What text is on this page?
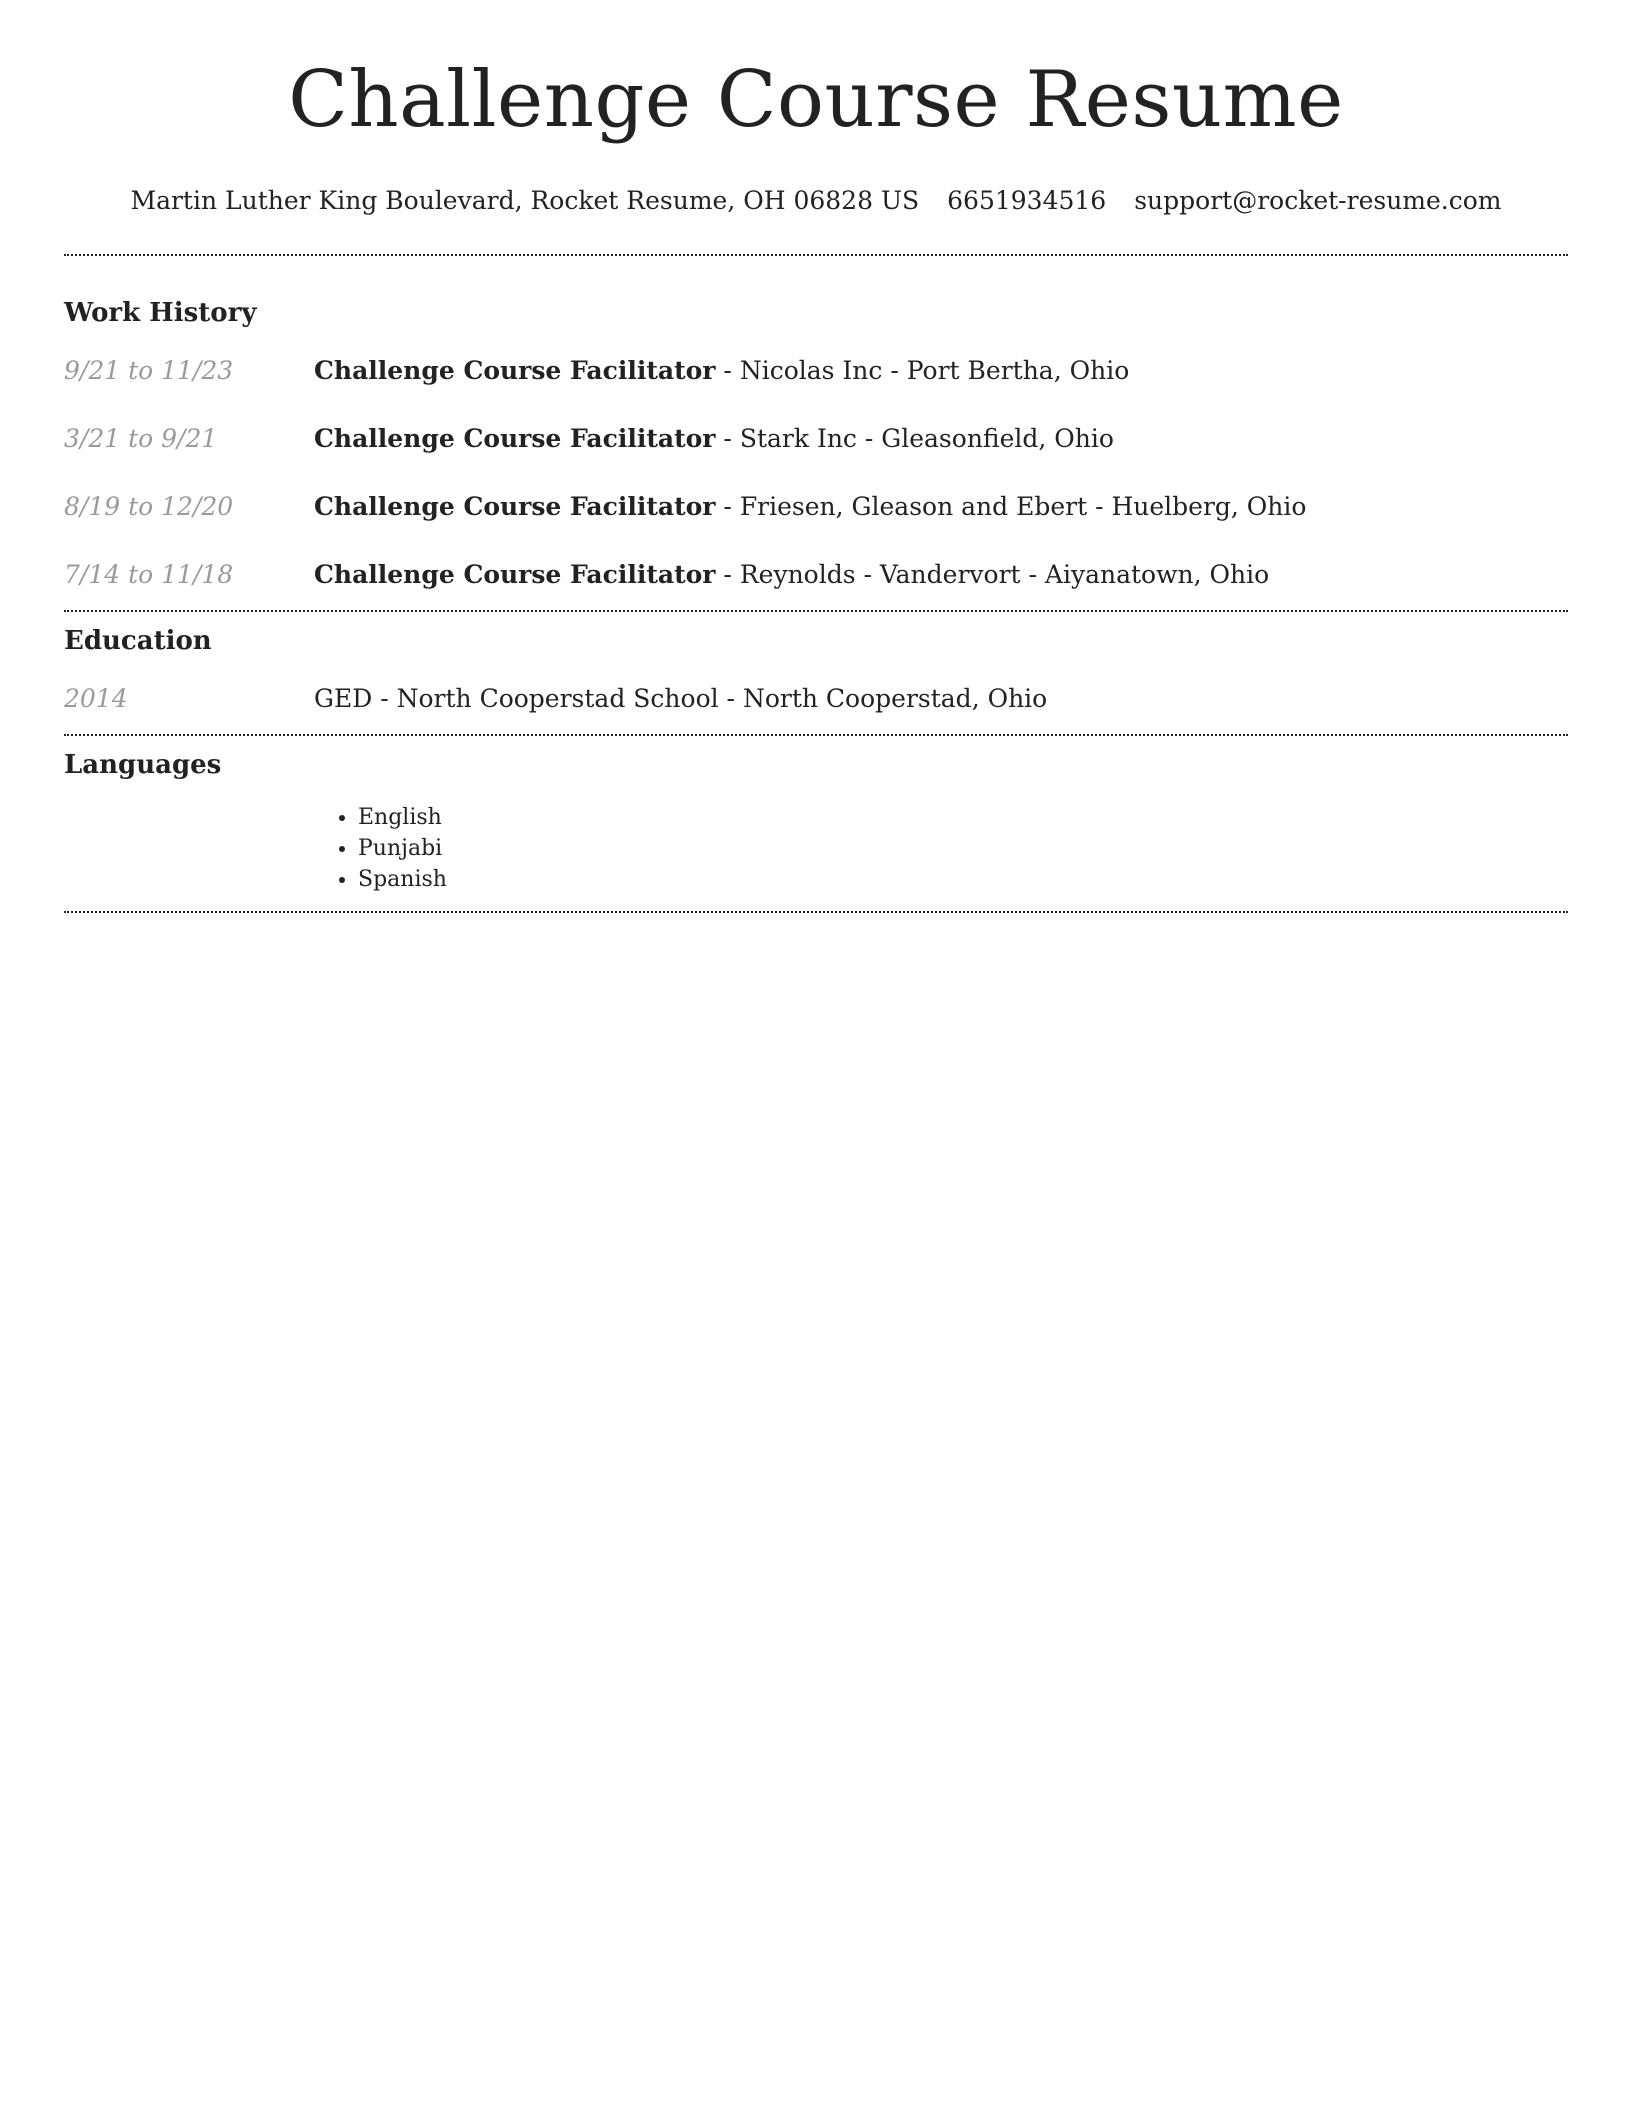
Challenge Course Resume
Martin Luther King Boulevard, Rocket Resume, OH 06828 US 6651934516 support@rocket-resume.com
Work History
9/21 to 11/23	Challenge Course Facilitator - Nicolas Inc - Port Bertha, Ohio
3/21 to 9/21	Challenge Course Facilitator - Stark Inc - Gleasonfield, Ohio
8/19 to 12/20	Challenge Course Facilitator - Friesen, Gleason and Ebert - Huelberg, Ohio
7/14 to 11/18	Challenge Course Facilitator - Reynolds - Vandervort - Aiyanatown, Ohio
Education
2014	GED - North Cooperstad School - North Cooperstad, Ohio
Languages
• English
• Punjabi
• Spanish
